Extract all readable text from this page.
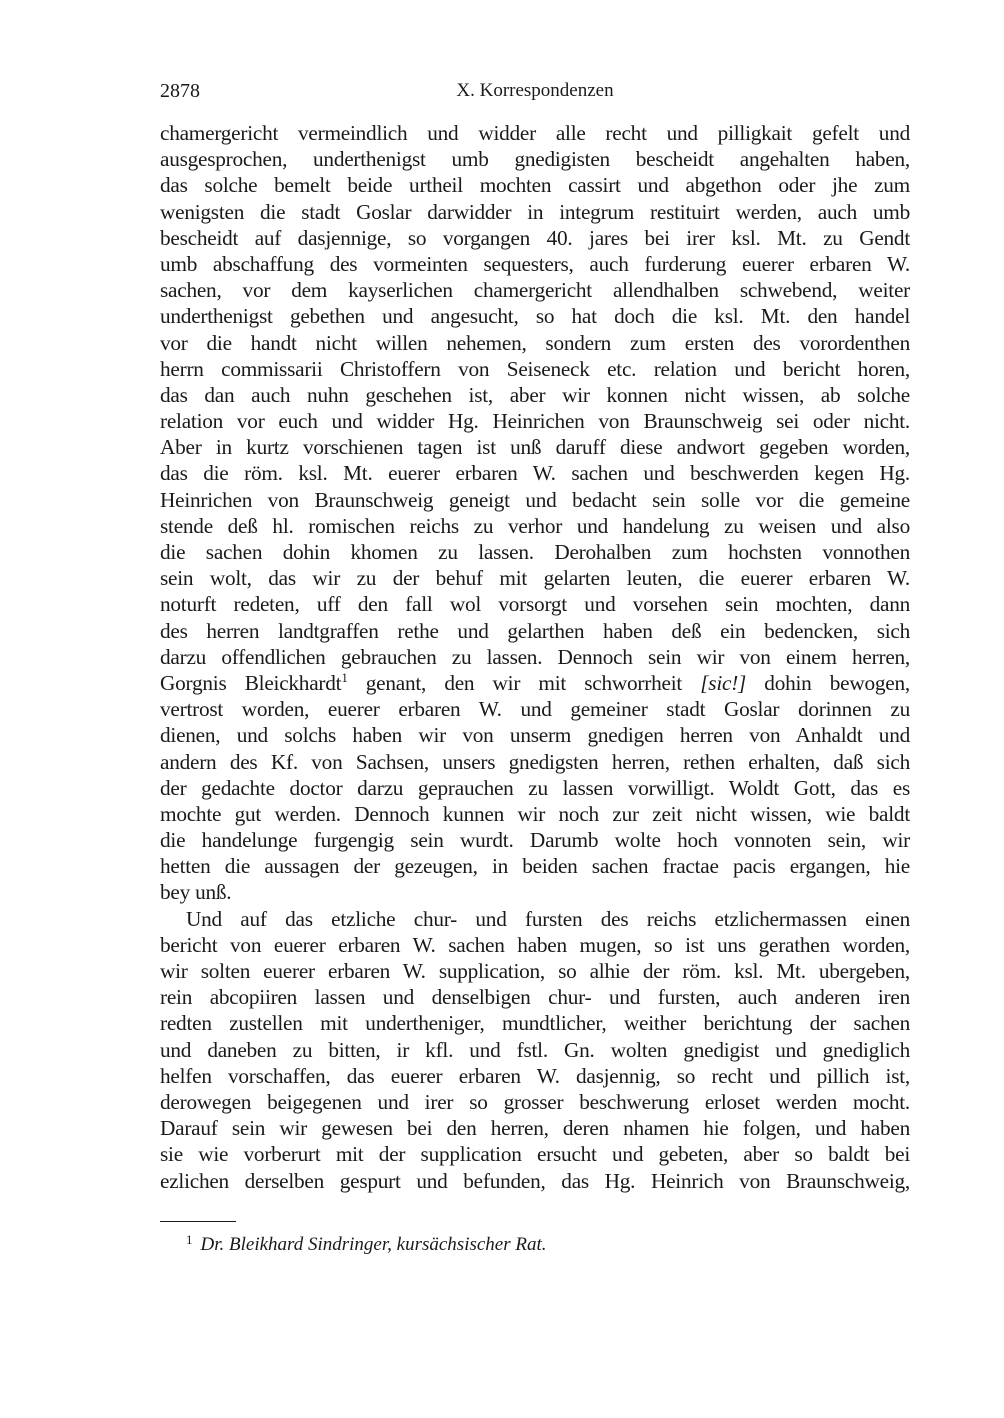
2878	X. Korrespondenzen
chamergericht vermeindlich und widder alle recht und pilligkait gefelt und
ausgesprochen, underthenigst umb gnedigisten bescheidt angehalten haben,
das solche bemelt beide urtheil mochten cassirt und abgethon oder jhe zum
wenigsten die stadt Goslar darwidder in integrum restituirt werden, auch umb
bescheidt auf dasjennige, so vorgangen 40. jares bei irer ksl. Mt. zu Gendt
umb abschaffung des vormeinten sequesters, auch furderung euerer erbaren W.
sachen, vor dem kayserlichen chamergericht allendhalben schwebend, weiter
underthenigst gebethen und angesucht, so hat doch die ksl. Mt. den handel
vor die handt nicht willen nehemen, sondern zum ersten des vorordenthen
herrn commissarii Christoffern von Seiseneck etc. relation und bericht horen,
das dan auch nuhn geschehen ist, aber wir konnen nicht wissen, ab solche
relation vor euch und widder Hg. Heinrichen von Braunschweig sei oder nicht.
Aber in kurtz vorschienen tagen ist unß daruff diese andwort gegeben worden,
das die röm. ksl. Mt. euerer erbaren W. sachen und beschwerden kegen Hg.
Heinrichen von Braunschweig geneigt und bedacht sein solle vor die gemeine
stende deß hl. romischen reichs zu verhor und handelung zu weisen und also
die sachen dohin khomen zu lassen. Derohalben zum hochsten vonnothen
sein wolt, das wir zu der behuf mit gelarten leuten, die euerer erbaren W.
noturft redeten, uff den fall wol vorsorgt und vorsehen sein mochten, dann
des herren landtgraffen rethe und gelarthen haben deß ein bedencken, sich
darzu offendlichen gebrauchen zu lassen. Dennoch sein wir von einem herren,
Gorgnis Bleickhardt$^1$ genant, den wir mit schworrheit [sic!] dohin bewogen,
vertrost worden, euerer erbaren W. und gemeiner stadt Goslar dorinnen zu
dienen, und solchs haben wir von unserm gnedigen herren von Anhaldt und
andern des Kf. von Sachsen, unsers gnedigsten herren, rethen erhalten, daß sich
der gedachte doctor darzu geprauchen zu lassen vorwilligt. Woldt Gott, das es
mochte gut werden. Dennoch kunnen wir noch zur zeit nicht wissen, wie baldt
die handelunge furgengig sein wurdt. Darumb wolte hoch vonnoten sein, wir
hetten die aussagen der gezeugen, in beiden sachen fractae pacis ergangen, hie
bey unß.
Und auf das etzliche chur- und fursten des reichs etzlichermassen einen
bericht von euerer erbaren W. sachen haben mugen, so ist uns gerathen worden,
wir solten euerer erbaren W. supplication, so alhie der röm. ksl. Mt. ubergeben,
rein abcopiiren lassen und denselbigen chur- und fursten, auch anderen iren
redten zustellen mit undertheniger, mundtlicher, weither berichtung der sachen
und daneben zu bitten, ir kfl. und fstl. Gn. wolten gnedigist und gnediglich
helfen vorschaffen, das euerer erbaren W. dasjennig, so recht und pillich ist,
derowegen beigegenen und irer so grosser beschwerung erloset werden mocht.
Darauf sein wir gewesen bei den herren, deren nhamen hie folgen, und haben
sie wie vorberurt mit der supplication ersucht und gebeten, aber so baldt bei
ezlichen derselben gespurt und befunden, das Hg. Heinrich von Braunschweig,
$^1$ Dr. Bleikhard Sindringer, kursächsischer Rat.
